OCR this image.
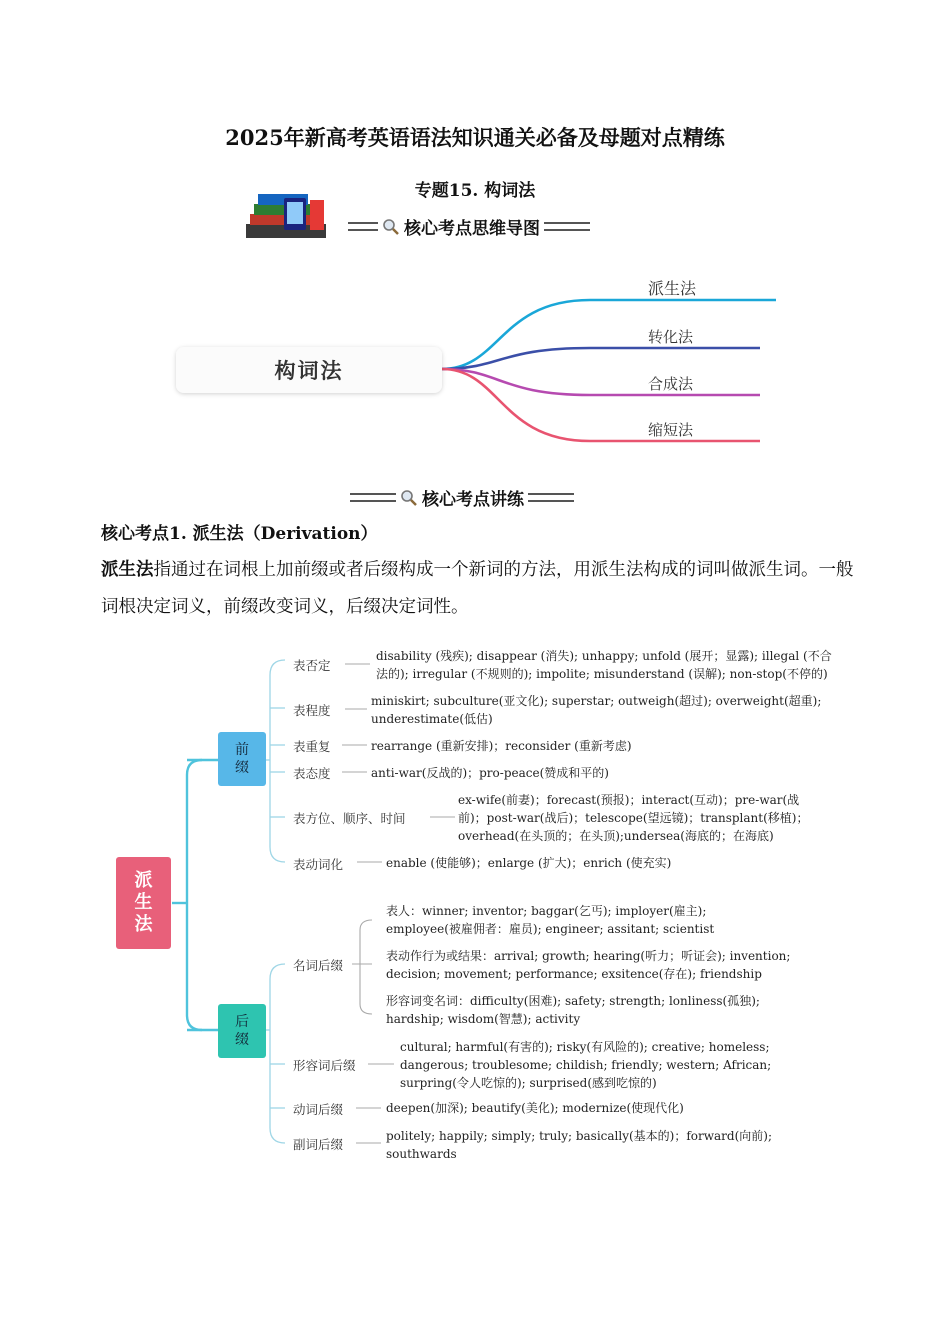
2025年新高考英语语法知识通关必备及母题对点精练
专题15. 构词法
核心考点思维导图
构词法
派生法
转化法
合成法
缩短法
核心考点讲练
核心考点1. 派生法（Derivation）
派生法指通过在词根上加前缀或者后缀构成一个新词的方法，用派生法构成的词叫做派生词。一般词根决定词义，前缀改变词义，后缀决定词性。
派
生
法
前
缀
后
缀
表否定
表程度
表重复
表态度
表方位、顺序、时间
表动词化
disability (残疾); disappear (消失); unhappy; unfold (展开；显露); illegal (不合
法的); irregular (不规则的); impolite; misunderstand (误解); non-stop(不停的)
miniskirt; subculture(亚文化); superstar; outweigh(超过); overweight(超重);
underestimate(低估)
rearrange (重新安排)；reconsider (重新考虑)
anti-war(反战的)；pro-peace(赞成和平的)
ex-wife(前妻)；forecast(预报)；interact(互动)；pre-war(战
前)；post-war(战后)；telescope(望远镜)；transplant(移植)；
overhead(在头顶的；在头顶);undersea(海底的；在海底)
enable (使能够)；enlarge (扩大)；enrich (使充实)
名词后缀
形容词后缀
动词后缀
副词后缀
表人：winner; inventor; baggar(乞丐); imployer(雇主);
employee(被雇佣者：雇员); engineer; assitant; scientist
表动作行为或结果：arrival; growth; hearing(听力；听证会); invention;
decision; movement; performance; exsitence(存在); friendship
形容词变名词：difficulty(困难); safety; strength; lonliness(孤独);
hardship; wisdom(智慧); activity
cultural; harmful(有害的); risky(有风险的); creative; homeless;
dangerous; troublesome; childish; friendly; western; African;
surpring(令人吃惊的); surprised(感到吃惊的)
deepen(加深); beautify(美化); modernize(使现代化)
politely; happily; simply; truly; basically(基本的)；forward(向前);
southwards
